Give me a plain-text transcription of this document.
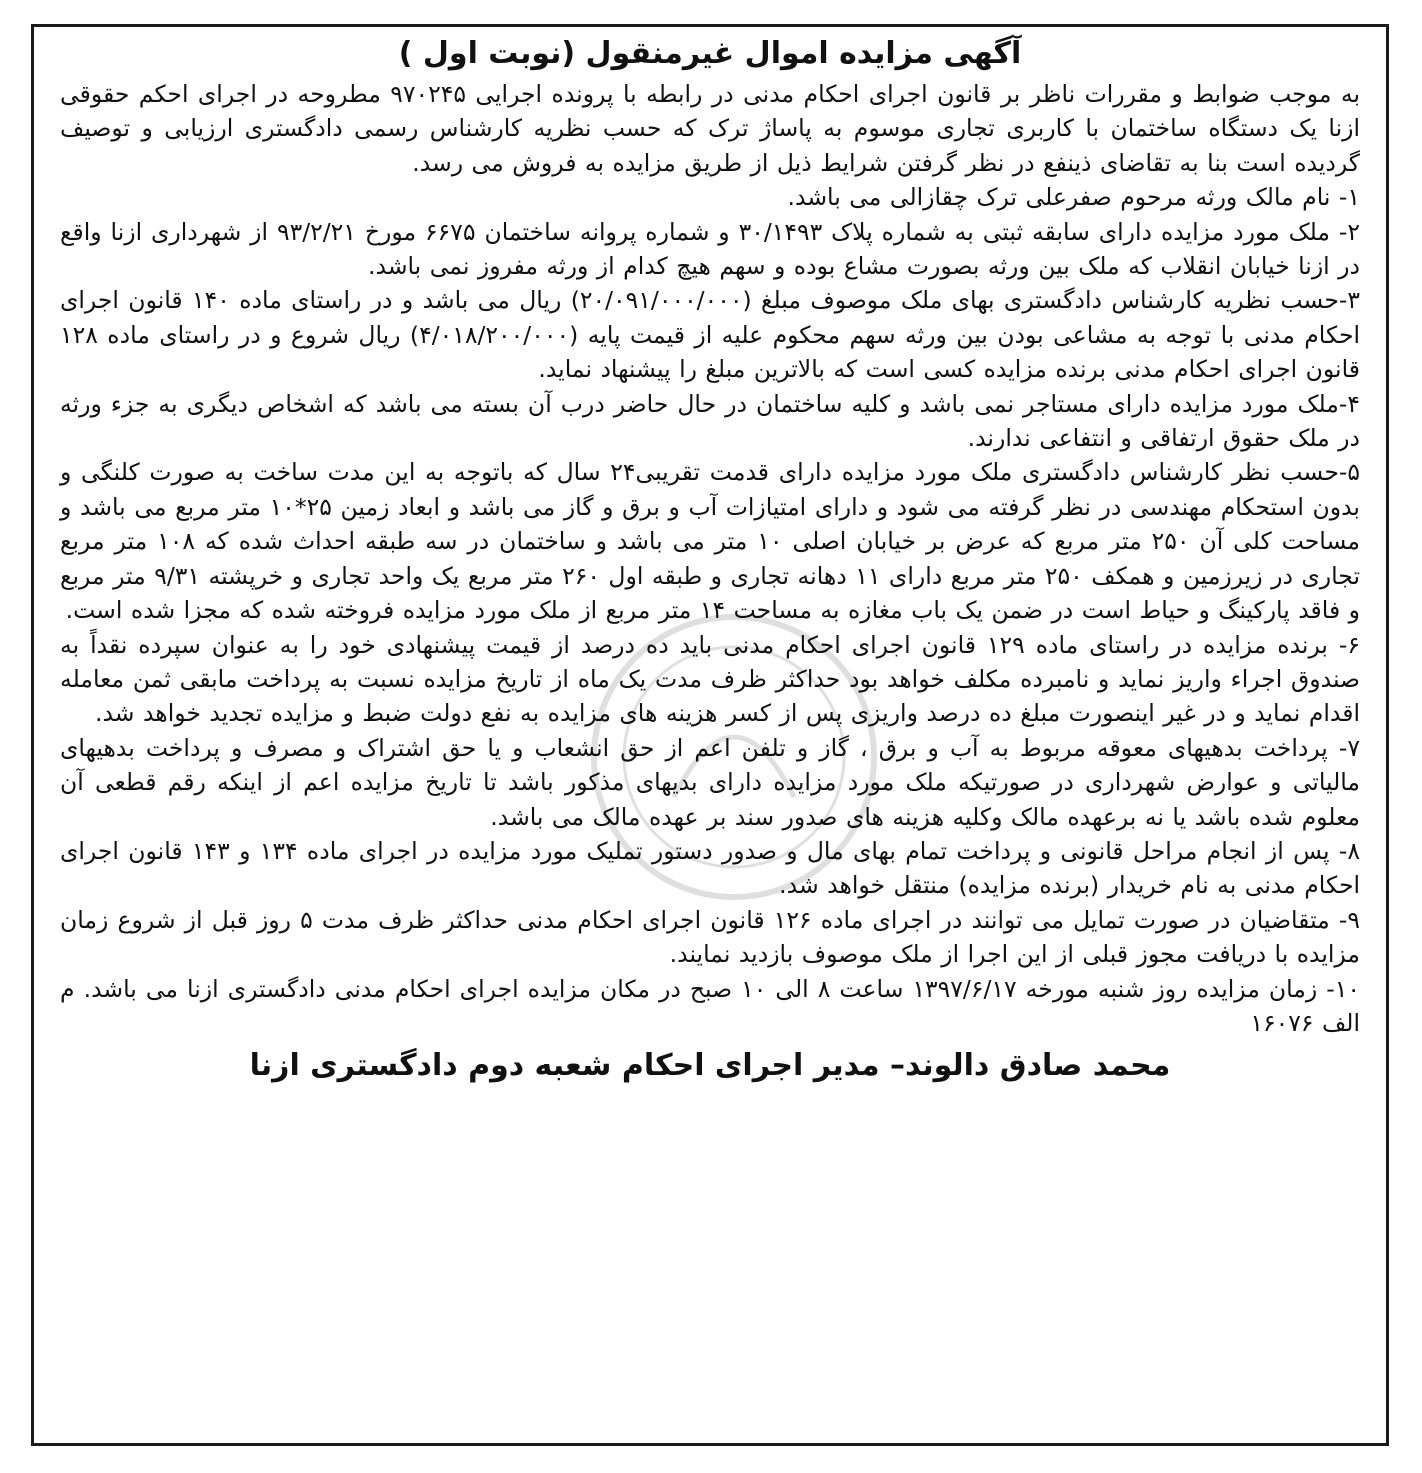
آگهی مزایده اموال غیرمنقول (نوبت اول )

به موجب ضوابط و مقررات ناظر بر قانون اجرای احکام مدنی در رابطه با پرونده اجرایی ۹۷۰۲۴۵ مطروحه در اجرای احکم حقوقی ازنا یک دستگاه ساختمان با کاربری تجاری موسوم به پاساژ ترک که حسب نظریه کارشناس رسمی دادگستری ارزیابی و توصیف گردیده است بنا به تقاضای ذینفع در نظر گرفتن شرایط ذیل از طریق مزایده به فروش می رسد.

۱- نام مالک ورثه مرحوم صفرعلی ترک چقازالی می باشد.

۲- ملک مورد مزایده دارای سابقه ثبتی به شماره پلاک ۳۰/۱۴۹۳ و شماره پروانه ساختمان ۶۶۷۵ مورخ ۹۳/۲/۲۱ از شهرداری ازنا واقع در ازنا خیابان انقلاب که ملک بین ورثه بصورت مشاع بوده و سهم هیچ کدام از ورثه مفروز نمی باشد.

۳-حسب نظریه کارشناس دادگستری بهای ملک موصوف مبلغ (۲۰/۰۹۱/۰۰۰/۰۰۰) ریال می باشد و در راستای ماده ۱۴۰ قانون اجرای احکام مدنی با توجه به مشاعی بودن بین ورثه سهم محکوم علیه از قیمت پایه (۴/۰۱۸/۲۰۰/۰۰۰) ریال شروع و در راستای ماده ۱۲۸ قانون اجرای احکام مدنی برنده مزایده کسی است که بالاترین مبلغ را پیشنهاد نماید.

۴-ملک مورد مزایده دارای مستاجر نمی باشد و کلیه ساختمان در حال حاضر درب آن بسته می باشد که اشخاص دیگری به جزء ورثه در ملک حقوق ارتفاقی و انتفاعی ندارند.

۵-حسب نظر کارشناس دادگستری ملک مورد مزایده دارای قدمت تقریبی۲۴ سال که باتوجه به این مدت ساخت به صورت کلنگی و بدون استحکام مهندسی در نظر گرفته می شود و دارای امتیازات آب و برق و گاز می باشد و ابعاد زمین ۲۵*۱۰ متر مربع می باشد و مساحت کلی آن ۲۵۰ متر مربع که عرض بر خیابان اصلی ۱۰ متر می باشد و ساختمان در سه طبقه احداث شده که ۱۰۸ متر مربع تجاری در زیرزمین و همکف ۲۵۰ متر مربع دارای ۱۱ دهانه تجاری و طبقه اول ۲۶۰ متر مربع یک واحد تجاری و خرپشته ۹/۳۱ متر مربع و فاقد پارکینگ و حیاط است در ضمن یک باب مغازه به مساحت ۱۴ متر مربع از ملک مورد مزایده فروخته شده که مجزا شده است.

۶- برنده مزایده در راستای ماده ۱۲۹ قانون اجرای احکام مدنی باید ده درصد از قیمت پیشنهادی خود را به عنوان سپرده نقداً به صندوق اجراء واریز نماید و نامبرده مکلف خواهد بود حداکثر ظرف مدت یک ماه از تاریخ مزایده نسبت به پرداخت مابقی ثمن معامله اقدام نماید و در غیر اینصورت مبلغ ده درصد واریزی پس از کسر هزینه های مزایده به نفع دولت ضبط و مزایده تجدید خواهد شد.

۷- پرداخت بدهیهای معوقه مربوط به آب و برق ، گاز و تلفن اعم از حق انشعاب و یا حق اشتراک و مصرف و پرداخت بدهیهای مالیاتی و عوارض شهرداری در صورتیکه ملک مورد مزایده دارای بدیهای مذکور باشد تا تاریخ مزایده اعم از اینکه رقم قطعی آن معلوم شده باشد یا نه برعهده مالک وکلیه هزینه های صدور سند بر عهده مالک می باشد.

۸- پس از انجام مراحل قانونی و پرداخت تمام بهای مال و صدور دستور تملیک مورد مزایده در اجرای ماده ۱۳۴ و ۱۴۳ قانون اجرای احکام مدنی به نام خریدار (برنده مزایده) منتقل خواهد شد.

۹- متقاضیان در صورت تمایل می توانند در اجرای ماده ۱۲۶ قانون اجرای احکام مدنی حداکثر ظرف مدت ۵ روز قبل از شروع زمان مزایده با دریافت مجوز قبلی از این اجرا از ملک موصوف بازدید نمایند.

۱۰- زمان مزایده روز شنبه مورخه ۱۳۹۷/۶/۱۷ ساعت ۸ الی ۱۰ صبح در مکان مزایده اجرای احکام مدنی دادگستری ازنا می باشد. م الف ۱۶۰۷۶

محمد صادق دالوند– مدیر اجرای احکام شعبه دوم دادگستری ازنا
